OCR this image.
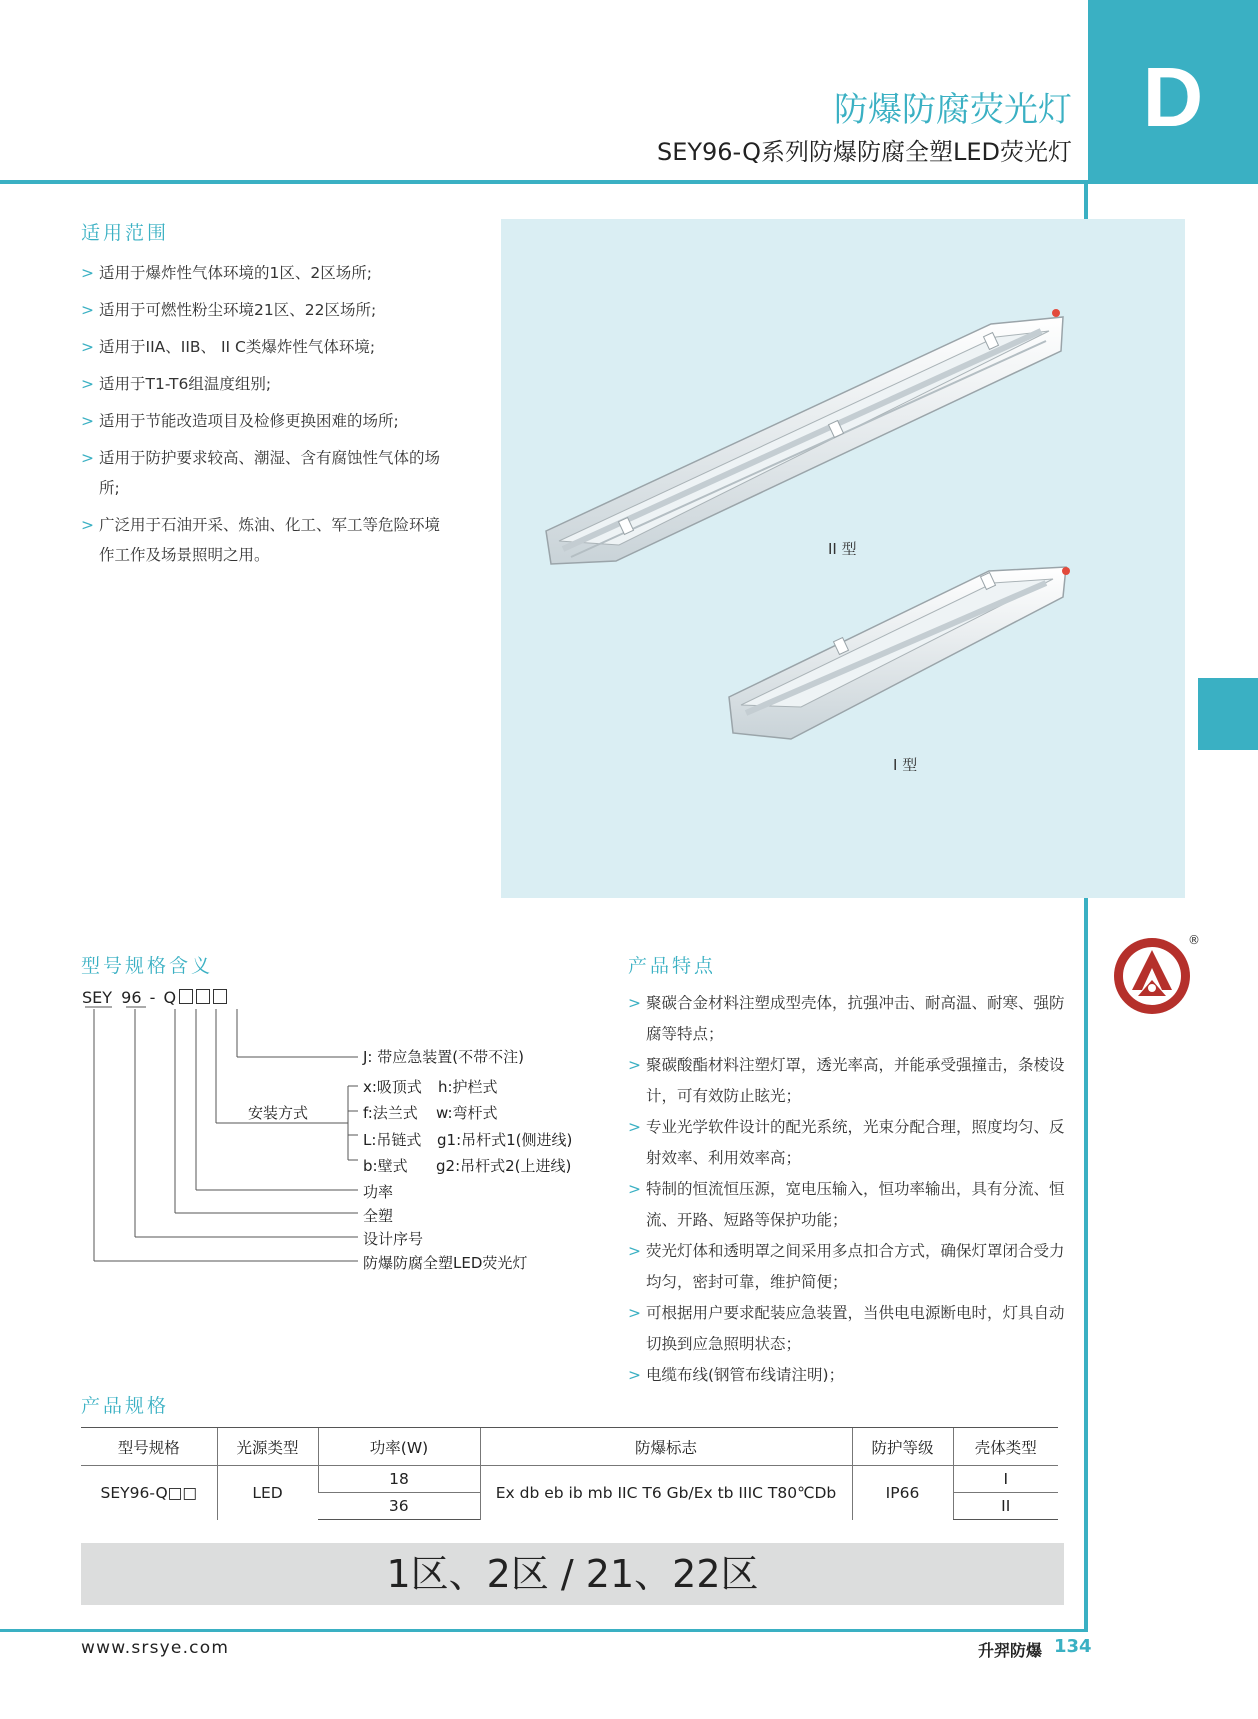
D
防爆防腐荧光灯
SEY96-Q系列防爆防腐全塑LED荧光灯
适用范围
> 适用于爆炸性气体环境的1区、2区场所;
> 适用于可燃性粉尘环境21区、22区场所;
> 适用于IIA、IIB、 II C类爆炸性气体环境;
> 适用于T1-T6组温度组别;
> 适用于节能改造项目及检修更换困难的场所;
> 适用于防护要求较高、潮湿、含有腐蚀性气体的场所;
> 广泛用于石油开采、炼油、化工、军工等危险环境作工作及场景照明之用。	II 型
I 型
型号规格含义
SEY 96 - Q
J: 带应急装置(不带不注)
安装方式
x:吸顶式 h:护栏式
f:法兰式 w:弯杆式
L:吊链式 g1:吊杆式1(侧进线)
b:壁式 g2:吊杆式2(上进线)
功率
全塑
设计序号
防爆防腐全塑LED荧光灯
产品特点
> 聚碳合金材料注塑成型壳体，抗强冲击、耐高温、耐寒、强防腐等特点；
> 聚碳酸酯材料注塑灯罩，透光率高，并能承受强撞击，条棱设计，可有效防止眩光；
> 专业光学软件设计的配光系统，光束分配合理，照度均匀、反射效率、利用效率高；
> 特制的恒流恒压源，宽电压输入，恒功率输出，具有分流、恒流、开路、短路等保护功能；
> 荧光灯体和透明罩之间采用多点扣合方式，确保灯罩闭合受力均匀，密封可靠，维护简便；
> 可根据用户要求配装应急装置，当供电电源断电时，灯具自动切换到应急照明状态；
> 电缆布线(钢管布线请注明)；
®
产品规格
型号规格	光源类型	功率(W)	防爆标志	防护等级	壳体类型
SEY96-Q□□	LED	18	Ex db eb ib mb IIC T6 Gb/Ex tb IIIC T80℃Db	IP66	I
		36			II
1区、2区 / 21、22区
www.srsye.com	升羿防爆 134
